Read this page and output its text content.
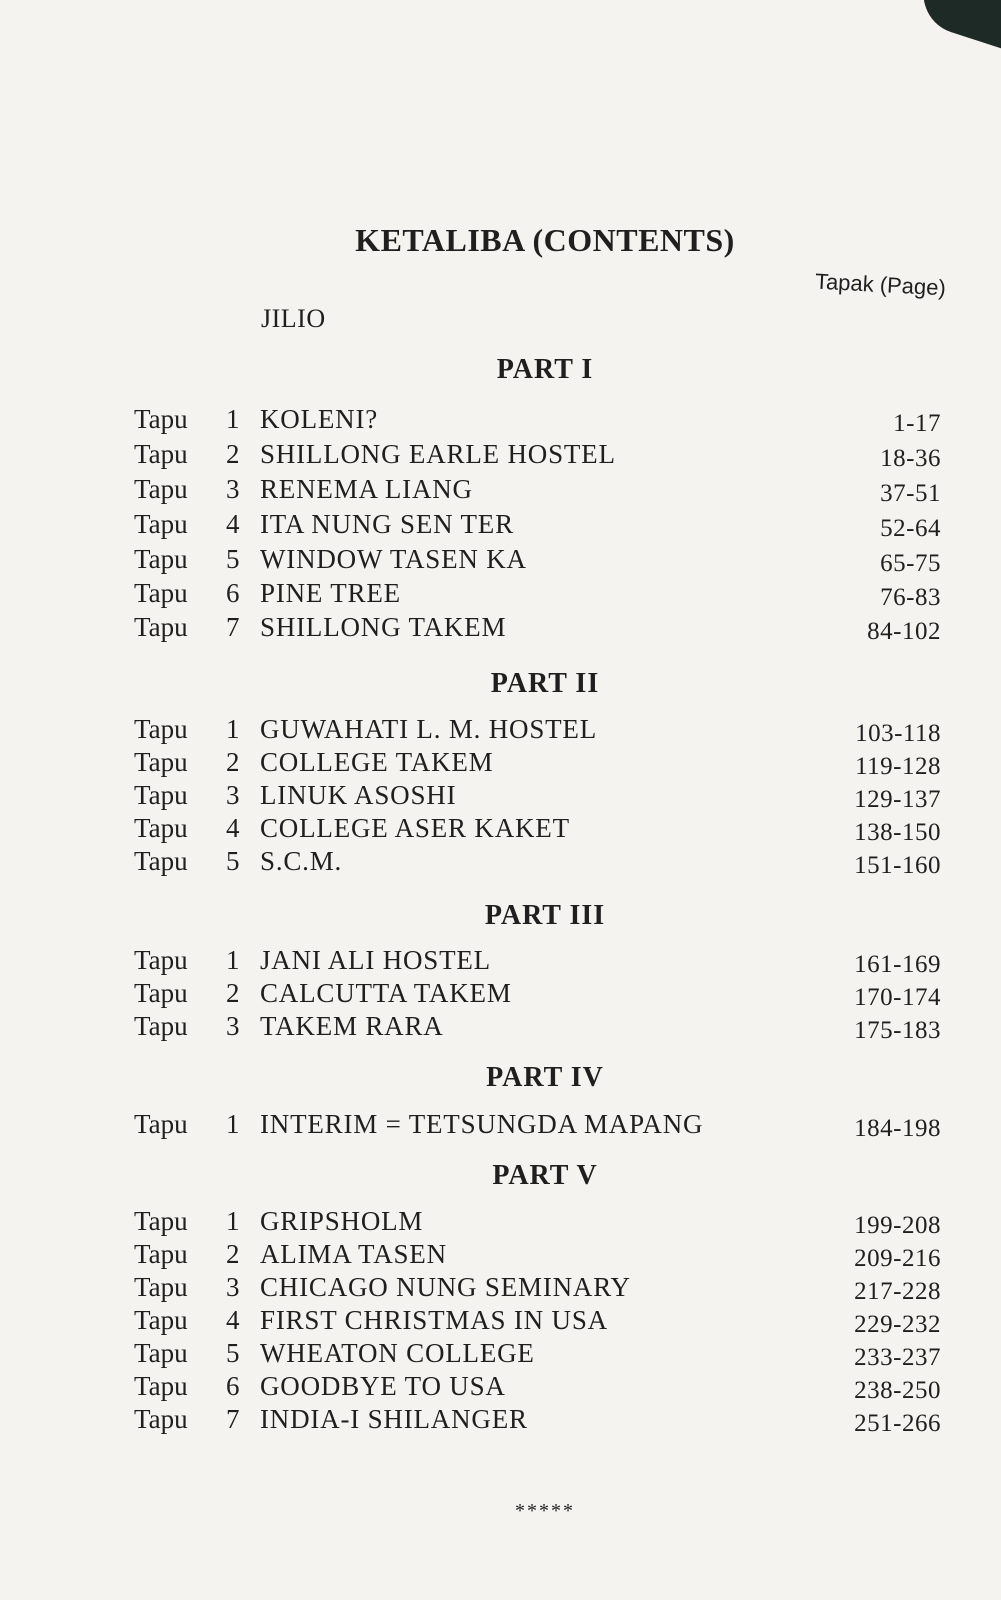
KETALIBA (CONTENTS)
Tapak (Page)
JILIO
PART I
Tapu 1 KOLENI?	1-17
Tapu 2 SHILLONG EARLE HOSTEL	18-36
Tapu 3 RENEMA LIANG	37-51
Tapu 4 ITA NUNG SEN TER	52-64
Tapu 5 WINDOW TASEN KA	65-75
Tapu 6 PINE TREE	76-83
Tapu 7 SHILLONG TAKEM	84-102
PART II
Tapu 1 GUWAHATI L. M. HOSTEL	103-118
Tapu 2 COLLEGE TAKEM	119-128
Tapu 3 LINUK ASOSHI	129-137
Tapu 4 COLLEGE ASER KAKET	138-150
Tapu 5 S.C.M.	151-160
PART III
Tapu 1 JANI ALI HOSTEL	161-169
Tapu 2 CALCUTTA TAKEM	170-174
Tapu 3 TAKEM RARA	175-183
PART IV
Tapu 1 INTERIM = TETSUNGDA MAPANG	184-198
PART V
Tapu 1 GRIPSHOLM	199-208
Tapu 2 ALIMA TASEN	209-216
Tapu 3 CHICAGO NUNG SEMINARY	217-228
Tapu 4 FIRST CHRISTMAS IN USA	229-232
Tapu 5 WHEATON COLLEGE	233-237
Tapu 6 GOODBYE TO USA	238-250
Tapu 7 INDIA-I SHILANGER	251-266
*****
